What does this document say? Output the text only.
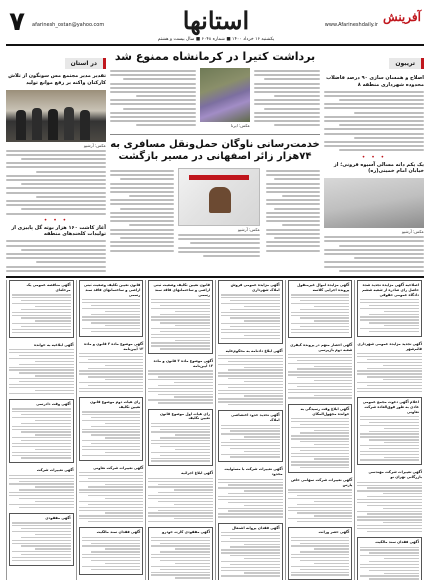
۷	afarinesh_ostan@yahoo.com	استانها	آفرینش
www.Afarineshdaily.ir
یکشنبه ۱۶ خرداد ۱۴۰۰ ■ شماره ۶۰۴۸ ■ سال بیست و هشتم
تریبون
اصلاح و همسان سازی ۹۰ درصد فاضلاب محدوده شهرداری منطقه ۸
• • •
یک یکم دانه مسالی آسیوه قرونی؛ از خیابان امام خمینی(ره)
عکس: آرشیو
برداشت کتیرا در کرمانشاه ممنوع شد
عکس: ایرنا
خدمت‌رسانی ناوگان حمل‌ونقل مسافری به ۷۴هزار زائر اصفهانی در مسیر بازگشت
عکس: آرشیو
در استان
تقدیر مدیر مجتمع مس سونگون از تلاش کارکنان واکنه بر رفع موانع تولید
عکس: آرشیو
• • •
آغاز کاشت ۱۶۰ هزار بوته گل پاییزی از تولیدات کلخندهای منطقه
اصلاحیه آگهی مزایده تجدید شده حاصل رای صادره از شعبه ششم دادگاه عمومی حقوقی
آگهی تجدید مزایده عمومی شهرداری قائم‌شهر
اعلام آگهی دعوت مجمع عمومی عادی به طور فوق‌العاده شرکت تعاونی
آگهی تغییرات شرکت مهندسی بازرگانی تهران نو
آگهی فقدان سند مالکیت
آگهی مزایده اموال غیرمنقول پرونده اجرایی کلاسه
آگهی احضار متهم در پرونده کیفری شعبه دوم بازپرسی
آگهی ابلاغ وقت رسیدگی به خوانده مجهول‌المکان
آگهی تغییرات شرکت سهامی خاص پارس
آگهی حصر وراثت
آگهی مزایده عمومی فروش املاک شهرداری
آگهی ابلاغ دادنامه به محکوم‌علیه
آگهی تحدید حدود اختصاصی املاک
آگهی تغییرات شرکت با مسئولیت محدود
آگهی فقدان پروانه اشتغال
قانون تعیین تکلیف وضعیت ثبتی اراضی و ساختمانهای فاقد سند رسمی
آگهی موضوع ماده ۳ قانون و ماده ۱۳ آیین‌نامه
رای هیات اول موضوع قانون تعیین تکلیف
آگهی ابلاغ اجرائیه
آگهی مفقودی کارت خودرو
قانون تعیین تکلیف وضعیت ثبتی اراضی و ساختمانهای فاقد سند رسمی
آگهی موضوع ماده ۳ قانون و ماده ۱۳ آیین‌نامه
رای هیات دوم موضوع قانون تعیین تکلیف
آگهی تغییرات شرکت تعاونی
آگهی فقدان سند مالکیت
آگهی مناقصه عمومی یک مرحله‌ای
آگهی ابلاغیه به خوانده
آگهی وقت دادرسی
آگهی تغییرات شرکت
آگهی مفقودی
